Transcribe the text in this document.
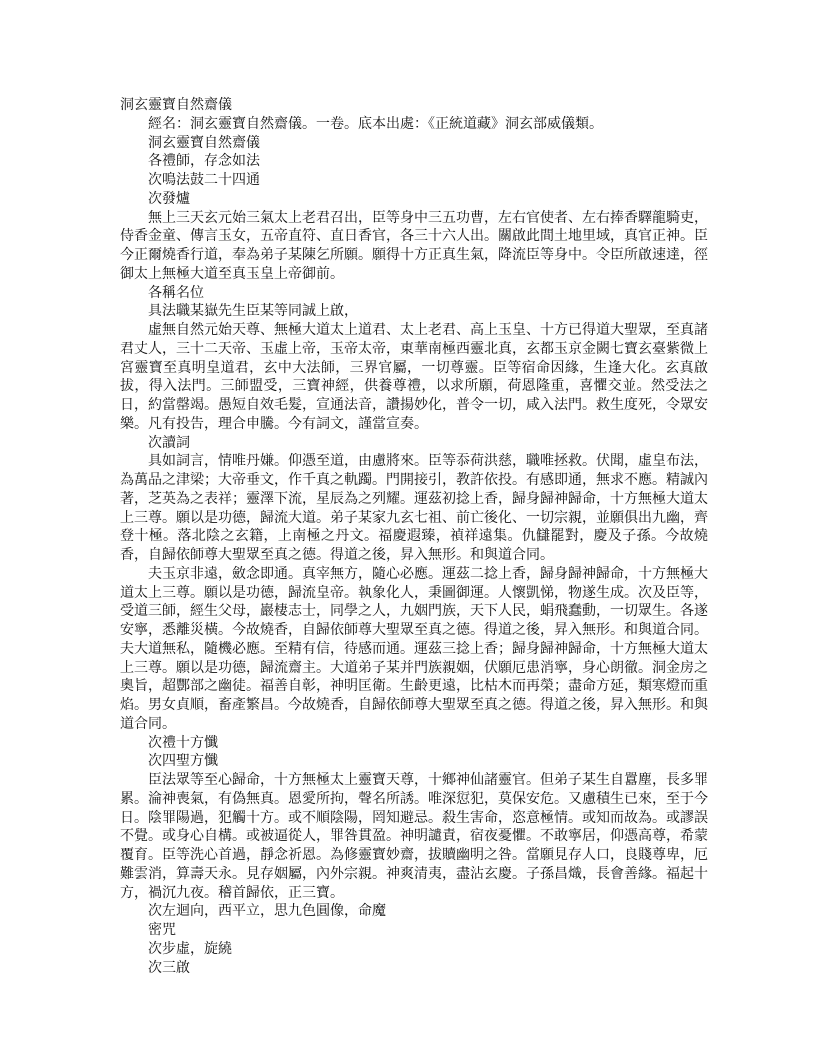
洞玄靈寶自然齋儀
經名：洞玄靈寶自然齋儀。一卷。底本出處：《正統道藏》洞玄部威儀類。
洞玄靈寶自然齋儀
各禮師，存念如法
次鳴法鼓二十四通
次發爐
無上三天玄元始三氣太上老君召出，臣等身中三五功曹，左右官使者、左右捧香驛龍騎吏，侍香金童、傳言玉女，五帝直符、直日香官，各三十六人出。關啟此間土地里域，真官正神。臣今正爾燒香行道，奉為弟子某陳乞所願。願得十方正真生氣，降流臣等身中。令臣所啟速達，徑御太上無極大道至真玉皇上帝御前。
各稱名位
具法職某嶽先生臣某等同誠上啟，
虛無自然元始天尊、無極大道太上道君、太上老君、高上玉皇、十方已得道大聖眾，至真諸君丈人，三十二天帝、玉虛上帝，玉帝太帝，東華南極西靈北真，玄都玉京金闕七寶玄臺紫微上宮靈寶至真明皇道君，玄中大法師，三界官屬，一切尊靈。臣等宿命因緣，生逢大化。玄真啟拔，得入法門。三師盟受，三寶神經，供養尊禮，以求所願，荷恩隆重，喜懼交並。然受法之日，約當罄竭。愚短自效毛髮，宣通法音，讚揚妙化，普令一切，咸入法門。救生度死，令眾安樂。凡有投告，理合申騰。今有詞文，謹當宣奏。
次讀詞
具如詞言，情唯丹嫌。仰憑至道，由慮將來。臣等忝荷洪慈，職唯拯救。伏聞，虛皇布法，為萬品之津梁；大帝垂文，作千真之軌躅。門開接引，教許依投。有感即通，無求不應。精誠內著，芝英為之表祥；靈澤下流，星辰為之列耀。運茲初捻上香，歸身歸神歸命，十方無極大道太上三尊。願以是功德，歸流大道。弟子某家九玄七祖、前亡後化、一切宗親，並願俱出九幽，齊登十極。落北陰之玄籍，上南極之丹文。福慶遐臻，禎祥遠集。仇讎罷對，慶及子孫。今故燒香，自歸依師尊大聖眾至真之德。得道之後，昇入無形。和與道合同。
夫玉京非遠，斂念即通。真宰無方，隨心必應。運茲二捻上香，歸身歸神歸命，十方無極大道太上三尊。願以是功德，歸流皇帝。執象化人，秉圖御運。人懷凱悌，物遂生成。次及臣等，受道三師，經生父母，巖棲志士，同學之人，九姻門族，天下人民，蜎飛蠢動，一切眾生。各遂安寧，悉離災橫。今故燒香，自歸依師尊大聖眾至真之德。得道之後，昇入無形。和與道合同。夫大道無私，隨機必應。至精有信，待感而通。運茲三捻上香；歸身歸神歸命，十方無極大道太上三尊。願以是功德，歸流齋主。大道弟子某并門族親姻，伏願厄患消寧，身心朗徹。洞金房之奧旨，超酆部之幽徒。福善自彰，神明匡衛。生齡更遠，比枯木而再榮；盡命方延，類寒燈而重焰。男女貞順，畜產繁昌。今故燒香，自歸依師尊大聖眾至真之德。得道之後，昇入無形。和與道合同。
次禮十方懺
次四聖方懺
臣法眾等至心歸命，十方無極太上靈寶天尊，十鄉神仙諸靈官。但弟子某生自囂塵，長多罪累。淪神喪氣，有偽無真。恩愛所拘，聲名所誘。唯深愆犯，莫保安危。又慮積生已來，至于今日。陰罪陽過，犯觸十方。或不順陰陽，罔知避忌。殺生害命，恣意極情。或知而故為。或謬誤不覺。或身心自構。或被逼從人，罪咎貫盈。神明譴責，宿夜憂懼。不敢寧居，仰憑高尊，希蒙覆育。臣等洗心首過，靜念祈恩。為修靈寶妙齋，拔贖幽明之咎。當願見存人口，良賤尊卑，厄難雲消，算壽天永。見存姻屬，內外宗親。神爽清夷，盡沾玄慶。子孫昌熾，長會善緣。福起十方，禍沉九夜。稽首歸依，正三寶。
次左迴向，西平立，思九色圓像，命魔
密咒
次步虛，旋繞
次三啟
